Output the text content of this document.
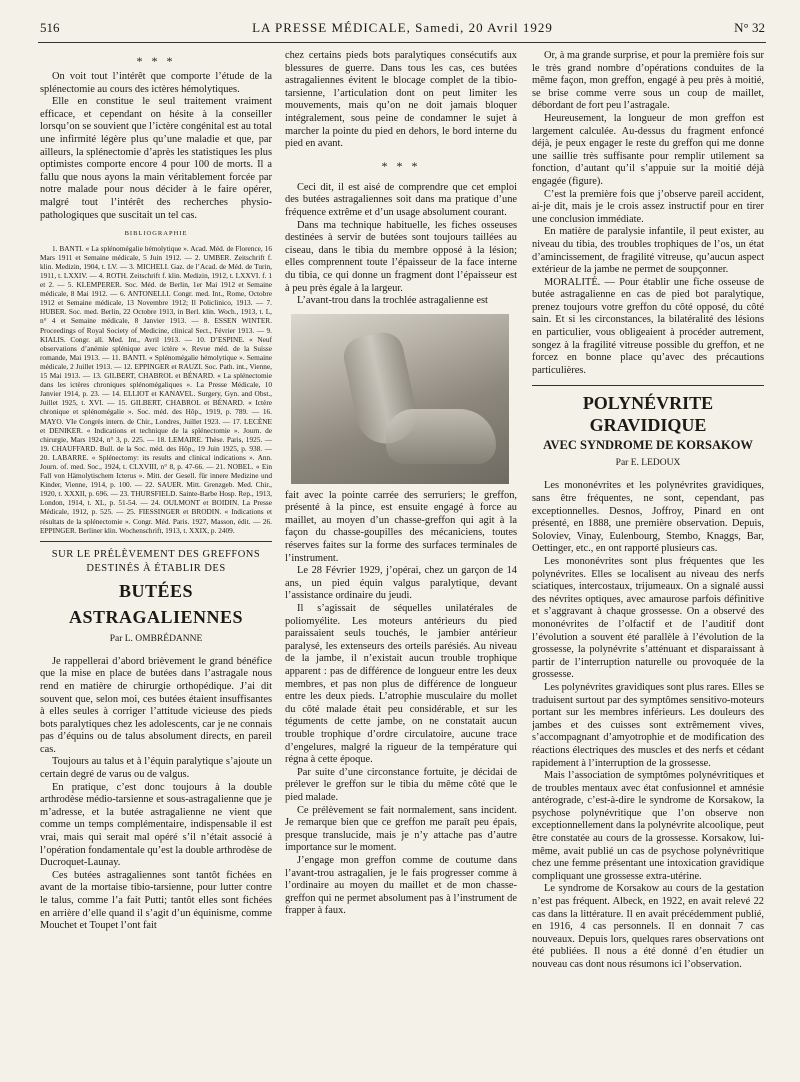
516	LA PRESSE MÉDICALE, Samedi, 20 Avril 1929	N° 32
* * *

On voit tout l’intérêt que comporte l’étude de la splénectomie au cours des ictères hémolytiques.

Elle en constitue le seul traitement vraiment efficace, et cependant on hésite à la conseiller lorsqu’on se souvient que l’ictère congénital est au total une infirmité légère plus qu’une maladie et que, par ailleurs, la splénectomie d’après les statistiques les plus optimistes comporte encore 4 pour 100 de morts. Il a fallu que nous ayons la main véritablement forcée par notre malade pour nous décider à le faire opérer, malgré tout l’intérêt des recherches physio-pathologiques que suscitait un tel cas.

BIBLIOGRAPHIE

1. BANTI. « La splénomégalie hémolytique ». Acad. Méd. de Florence, 16 Mars 1911 et Semaine médicale, 5 Juin 1912. — 2. UMBER. Zeitschrift f. klin. Medizin, 1904, t. LV. — 3. MICHELI. Gaz. de l’Acad. de Méd. de Turin, 1911, t. LXXIV. — 4. ROTH. Zeitschrift f. klin. Medizin, 1912, t. LXXVI. f. 1 et 2. — 5. KLEMPERER. Soc. Méd. de Berlin, 1er Mai 1912 et Semaine médicale, 8 Mai 1912. — 6. ANTONELLI. Congr. med. Int., Rome, Octobre 1912 et Semaine médicale, 13 Novembre 1912; Il Policlinico, 1913. — 7. HUBER. Soc. med. Berlin, 22 Octobre 1913, in Berl. klin. Woch., 1913, t. L, n° 4 et Semaine médicale, 8 Janvier 1913. — 8. ESSEN WINTER. Proceedings of Royal Society of Medicine, clinical Sect., Février 1913. — 9. KIALIS. Congr. all. Med. Int., Avril 1913. — 10. D’ESPINE. « Neuf observations d’anémie splénique avec ictère ». Revue méd. de la Suisse romande, Mai 1913. — 11. BANTI. « Splénomégalie hémolytique ». Semaine médicale, 2 Juillet 1913. — 12. EPPINGER et RAUZI. Soc. Path. int., Vienne, 15 Mai 1913. — 13. GILBERT, CHABROL et BÉNARD. « La splénectomie dans les ictères chroniques splénomégaliques ». La Presse Médicale, 10 Janvier 1914, p. 23. — 14. ELLIOT et KANAVEL. Surgery, Gyn. and Obst., Juillet 1925, t. XVI. — 15. GILBERT, CHABROL et BÉNARD. « Ictère chronique et splénomégalie ». Soc. méd. des Hôp., 1919, p. 789. — 16. MAYO. VIe Congrès intern. de Chir., Londres, Juillet 1923. — 17. LECÈNE et DENIKER. « Indications et technique de la splénectomie ». Journ. de chirurgie, Mars 1924, n° 3, p. 225. — 18. LEMAIRE. Thèse. Paris, 1925. — 19. CHAUFFARD. Bull. de la Soc. méd. des Hôp., 19 Juin 1925, p. 938. — 20. LABARRE. « Splénectomy: its results and clinical indications ». Ann. Journ. of. med. Soc., 1924, t. CLXVIII, n° 8, p. 47-66. — 21. NOBEL. « Ein Fall von Hämolytischem Icterus ». Mitt. der Gesell. für innere Medizine und Kinder, Vienne, 1914, p. 100. — 22. SAUER. Mitt. Grenzgeb. Med. Chir., 1920, t. XXXII, p. 696. — 23. THURSFIELD. Sainte-Barbe Hosp. Rep., 1913, London, 1914, t. XL, p. 51-54. — 24. OULMONT et BOIDIN. La Presse Médicale, 1912, p. 525. — 25. FIESSINGER et BRODIN. « Indications et résultats de la splénectomie ». Congr. Méd. Paris. 1927, Masson, édit. — 26. EPPINGER. Berliner klin. Wochenschrift, 1913, t. XXIX, p. 2409.

SUR LE PRÉLÈVEMENT DES GREFFONS
DESTINÉS À ÉTABLIR DES
BUTÉES ASTRAGALIENNES
Par L. OMBRÉDANNE

Je rappellerai d’abord brièvement le grand bénéfice que la mise en place de butées dans l’astragale nous rend en matière de chirurgie orthopédique. J’ai dit souvent que, selon moi, ces butées étaient insuffisantes à elles seules à corriger l’attitude vicieuse des pieds bots paralytiques chez les adolescents, car je ne connais pas d’équins ou de talus absolument directs, en pareil cas.

Toujours au talus et à l’équin paralytique s’ajoute un certain degré de varus ou de valgus.

En pratique, c’est donc toujours à la double arthrodèse médio-tarsienne et sous-astragalienne que je m’adresse, et la butée astragalienne ne vient que comme un temps complémentaire, indispensable il est vrai, mais qui serait mal opéré s’il n’était associé à l’opération fondamentale qu’est la double arthrodèse de Ducroquet-Launay.

Ces butées astragaliennes sont tantôt fichées en avant de la mortaise tibio-tarsienne, pour lutter contre le talus, comme l’a fait Putti; tantôt elles sont fichées en arrière d’elle quand il s’agit d’un équinisme, comme Mouchet et Toupet l’ont fait

chez certains pieds bots paralytiques consécutifs aux blessures de guerre. Dans tous les cas, ces butées astragaliennes évitent le blocage complet de la tibio-tarsienne, l’articulation dont on peut limiter les mouvements, mais qu’on ne doit jamais bloquer intégralement, sous peine de condamner le sujet à marcher la pointe du pied en dehors, le bord interne du pied en avant.

* * *

Ceci dit, il est aisé de comprendre que cet emploi des butées astragaliennes soit dans ma pratique d’une fréquence extrême et d’un usage absolument courant.

Dans ma technique habituelle, les fiches osseuses destinées à servir de butées sont toujours taillées au ciseau, dans le tibia du membre opposé à la lésion; elles comprennent toute l’épaisseur de la face interne du tibia, ce qui donne un fragment dont l’épaisseur est à peu près égale à la largeur.

L’avant-trou dans la trochlée astragalienne est

fait avec la pointe carrée des serruriers; le greffon, présenté à la pince, est ensuite engagé à force au maillet, au moyen d’un chasse-greffon qui agit à la façon du chasse-goupilles des mécaniciens, toutes réserves faites sur la forme des surfaces terminales de l’instrument.

Le 28 Février 1929, j’opérai, chez un garçon de 14 ans, un pied équin valgus paralytique, devant l’assistance ordinaire du jeudi.

Il s’agissait de séquelles unilatérales de poliomyélite. Les moteurs antérieurs du pied paraissaient seuls touchés, le jambier antérieur paralysé, les extenseurs des orteils parésiés. Au niveau de la jambe, il n’existait aucun trouble trophique apparent : pas de différence de longueur entre les deux membres, et pas non plus de différence de longueur entre les deux pieds. L’atrophie musculaire du mollet du côté malade était peu considérable, et sur les téguments de cette jambe, on ne constatait aucun trouble trophique d’ordre circulatoire, aucune trace d’engelures, malgré la rigueur de la température qui régna à cette époque.

Par suite d’une circonstance fortuite, je décidai de prélever le greffon sur le tibia du même côté que le pied malade.

Ce prélèvement se fait normalement, sans incident. Je remarque bien que ce greffon me paraît peu épais, presque translucide, mais je n’y attache pas d’autre importance sur le moment.

J’engage mon greffon comme de coutume dans l’avant-trou astragalien, je le fais progresser comme à l’ordinaire au moyen du maillet et de mon chasse-greffon qui ne permet absolument pas à l’instrument de frapper à faux.

Or, à ma grande surprise, et pour la première fois sur le très grand nombre d’opérations conduites de la même façon, mon greffon, engagé à peu près à moitié, se brise comme verre sous un coup de maillet, débordant de fort peu l’astragale.

Heureusement, la longueur de mon greffon est largement calculée. Au-dessus du fragment enfoncé déjà, je peux engager le reste du greffon qui me donne une saillie très suffisante pour remplir utilement sa fonction, d’autant qu’il s’appuie sur la moitié déjà engagée (figure).

C’est la première fois que j’observe pareil accident, ai-je dit, mais je le crois assez instructif pour en tirer une conclusion immédiate.

En matière de paralysie infantile, il peut exister, au niveau du tibia, des troubles trophiques de l’os, un état d’amincissement, de fragilité vitreuse, qu’aucun aspect extérieur de la jambe ne permet de soupçonner.

MORALITÉ. — Pour établir une fiche osseuse de butée astragalienne en cas de pied bot paralytique, prenez toujours votre greffon du côté opposé, du côté sain. Et si les circonstances, la bilatéralité des lésions en particulier, vous obligeaient à procéder autrement, songez à la fragilité vitreuse possible du greffon, et ne forcez en bonne place qu’avec des précautions particulières.

POLYNÉVRITE GRAVIDIQUE
AVEC SYNDROME DE KORSAKOW
Par E. LEDOUX

Les mononévrites et les polynévrites gravidiques, sans être fréquentes, ne sont, cependant, pas exceptionnelles. Desnos, Joffroy, Pinard en ont présenté, en 1888, une première observation. Depuis, Soloviev, Vinay, Eulenbourg, Stembo, Knaggs, Bar, Oettinger, etc., en ont rapporté plusieurs cas.

Les mononévrites sont plus fréquentes que les polynévrites. Elles se localisent au niveau des nerfs sciatiques, intercostaux, trijumeaux. On a signalé aussi des névrites optiques, avec amaurose parfois définitive et s’aggravant à chaque grossesse. On a observé des mononévrites de l’olfactif et de l’auditif dont l’évolution a souvent été parallèle à l’évolution de la grossesse, la polynévrite s’atténuant et disparaissant à partir de l’interruption naturelle ou provoquée de la grossesse.

Les polynévrites gravidiques sont plus rares. Elles se traduisent surtout par des symptômes sensitivo-moteurs portant sur les membres inférieurs. Les douleurs des jambes et des cuisses sont extrêmement vives, s’accompagnant d’amyotrophie et de modification des réactions électriques des muscles et des nerfs et cédant rapidement à l’interruption de la grossesse.

Mais l’association de symptômes polynévritiques et de troubles mentaux avec état confusionnel et amnésie antérograde, c’est-à-dire le syndrome de Korsakow, la psychose polynévritique que l’on observe non exceptionnellement dans la polynévrite alcoolique, peut être constatée au cours de la grossesse. Korsakow, lui-même, avait publié un cas de psychose polynévritique chez une femme présentant une intoxication gravidique compliquant une grossesse extra-utérine.

Le syndrome de Korsakow au cours de la gestation n’est pas fréquent. Albeck, en 1922, en avait relevé 22 cas dans la littérature. Il en avait précédemment publié, en 1916, 4 cas personnels. Il en donnait 7 cas nouveaux. Depuis lors, quelques rares observations ont été publiées. Il nous a été donné d’en étudier un nouveau cas dont nous résumons ici l’observation.
